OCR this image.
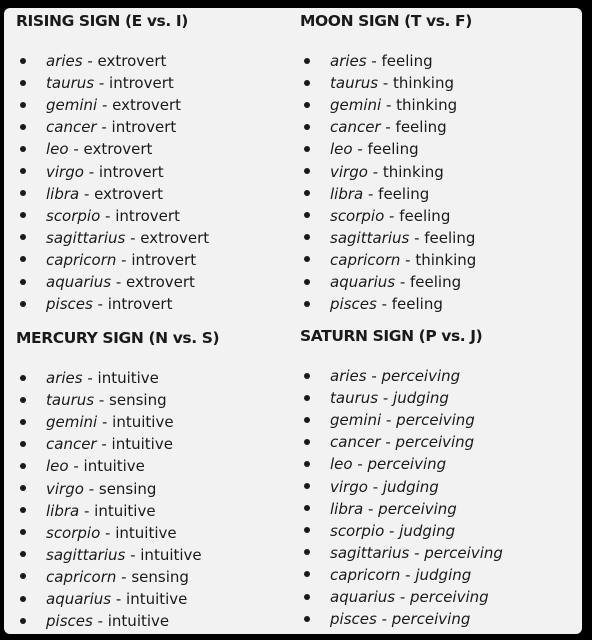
RISING SIGN (E vs. I)
aries - extrovert
taurus - introvert
gemini - extrovert
cancer - introvert
leo - extrovert
virgo - introvert
libra - extrovert
scorpio - introvert
sagittarius - extrovert
capricorn - introvert
aquarius - extrovert
pisces - introvert
MOON SIGN (T vs. F)
aries - feeling
taurus - thinking
gemini - thinking
cancer - feeling
leo - feeling
virgo - thinking
libra - feeling
scorpio - feeling
sagittarius - feeling
capricorn - thinking
aquarius - feeling
pisces - feeling
MERCURY SIGN (N vs. S)
aries - intuitive
taurus - sensing
gemini - intuitive
cancer - intuitive
leo - intuitive
virgo - sensing
libra - intuitive
scorpio - intuitive
sagittarius - intuitive
capricorn - sensing
aquarius - intuitive
pisces - intuitive
SATURN SIGN (P vs. J)
aries - perceiving
taurus - judging
gemini - perceiving
cancer - perceiving
leo - perceiving
virgo - judging
libra - perceiving
scorpio - judging
sagittarius - perceiving
capricorn - judging
aquarius - perceiving
pisces - perceiving
